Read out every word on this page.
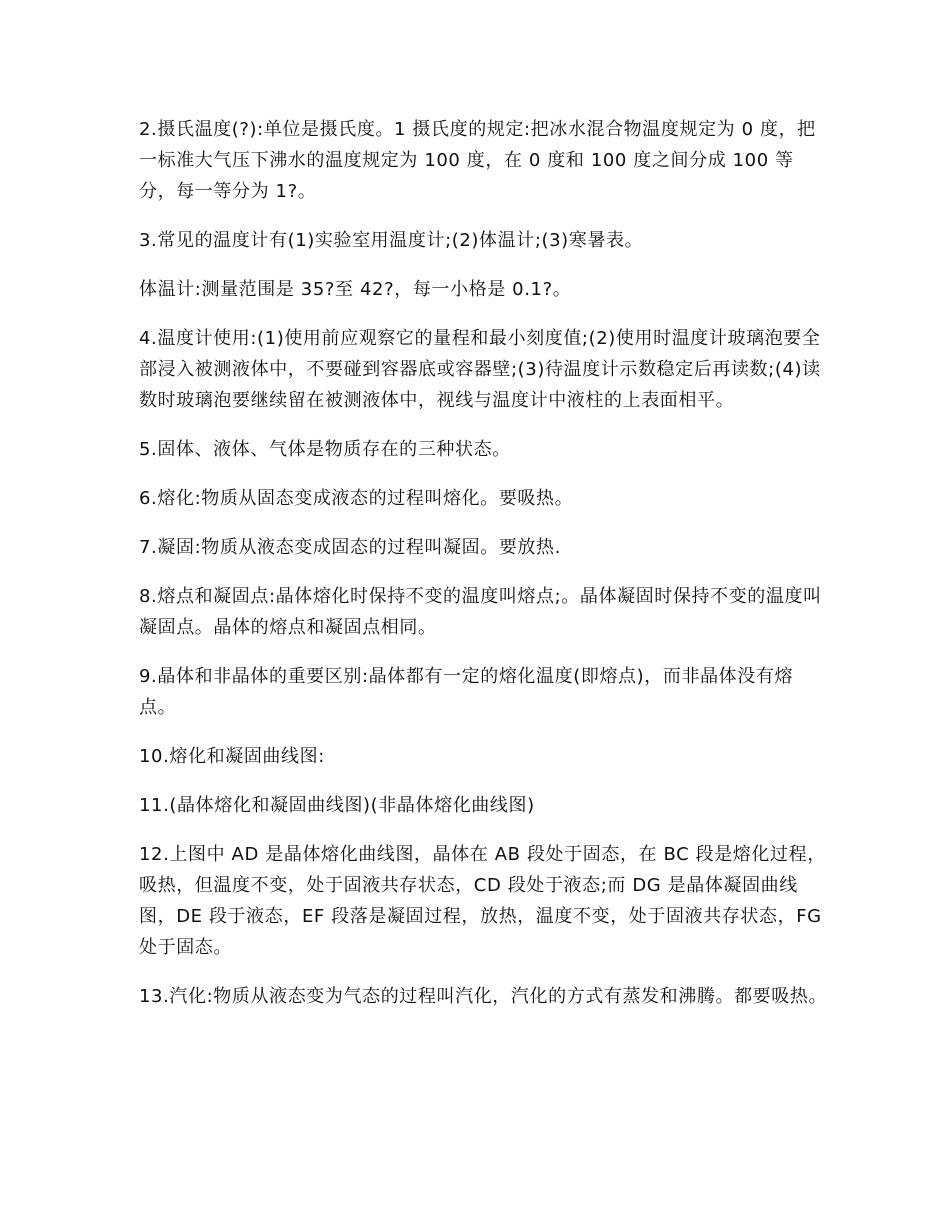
2.摄氏温度(?):单位是摄氏度。1 摄氏度的规定:把冰水混合物温度规定为 0 度，把一标准大气压下沸水的温度规定为 100 度，在 0 度和 100 度之间分成 100 等分，每一等分为 1?。

3.常见的温度计有(1)实验室用温度计;(2)体温计;(3)寒暑表。

体温计:测量范围是 35?至 42?，每一小格是 0.1?。

4.温度计使用:(1)使用前应观察它的量程和最小刻度值;(2)使用时温度计玻璃泡要全部浸入被测液体中，不要碰到容器底或容器壁;(3)待温度计示数稳定后再读数;(4)读数时玻璃泡要继续留在被测液体中，视线与温度计中液柱的上表面相平。

5.固体、液体、气体是物质存在的三种状态。

6.熔化:物质从固态变成液态的过程叫熔化。要吸热。

7.凝固:物质从液态变成固态的过程叫凝固。要放热.

8.熔点和凝固点:晶体熔化时保持不变的温度叫熔点;。晶体凝固时保持不变的温度叫凝固点。晶体的熔点和凝固点相同。

9.晶体和非晶体的重要区别:晶体都有一定的熔化温度(即熔点)，而非晶体没有熔点。

10.熔化和凝固曲线图:

11.(晶体熔化和凝固曲线图)(非晶体熔化曲线图)

12.上图中 AD 是晶体熔化曲线图，晶体在 AB 段处于固态，在 BC 段是熔化过程，吸热，但温度不变，处于固液共存状态，CD 段处于液态;而 DG 是晶体凝固曲线图，DE 段于液态，EF 段落是凝固过程，放热，温度不变，处于固液共存状态，FG 处于固态。

13.汽化:物质从液态变为气态的过程叫汽化，汽化的方式有蒸发和沸腾。都要吸热。
